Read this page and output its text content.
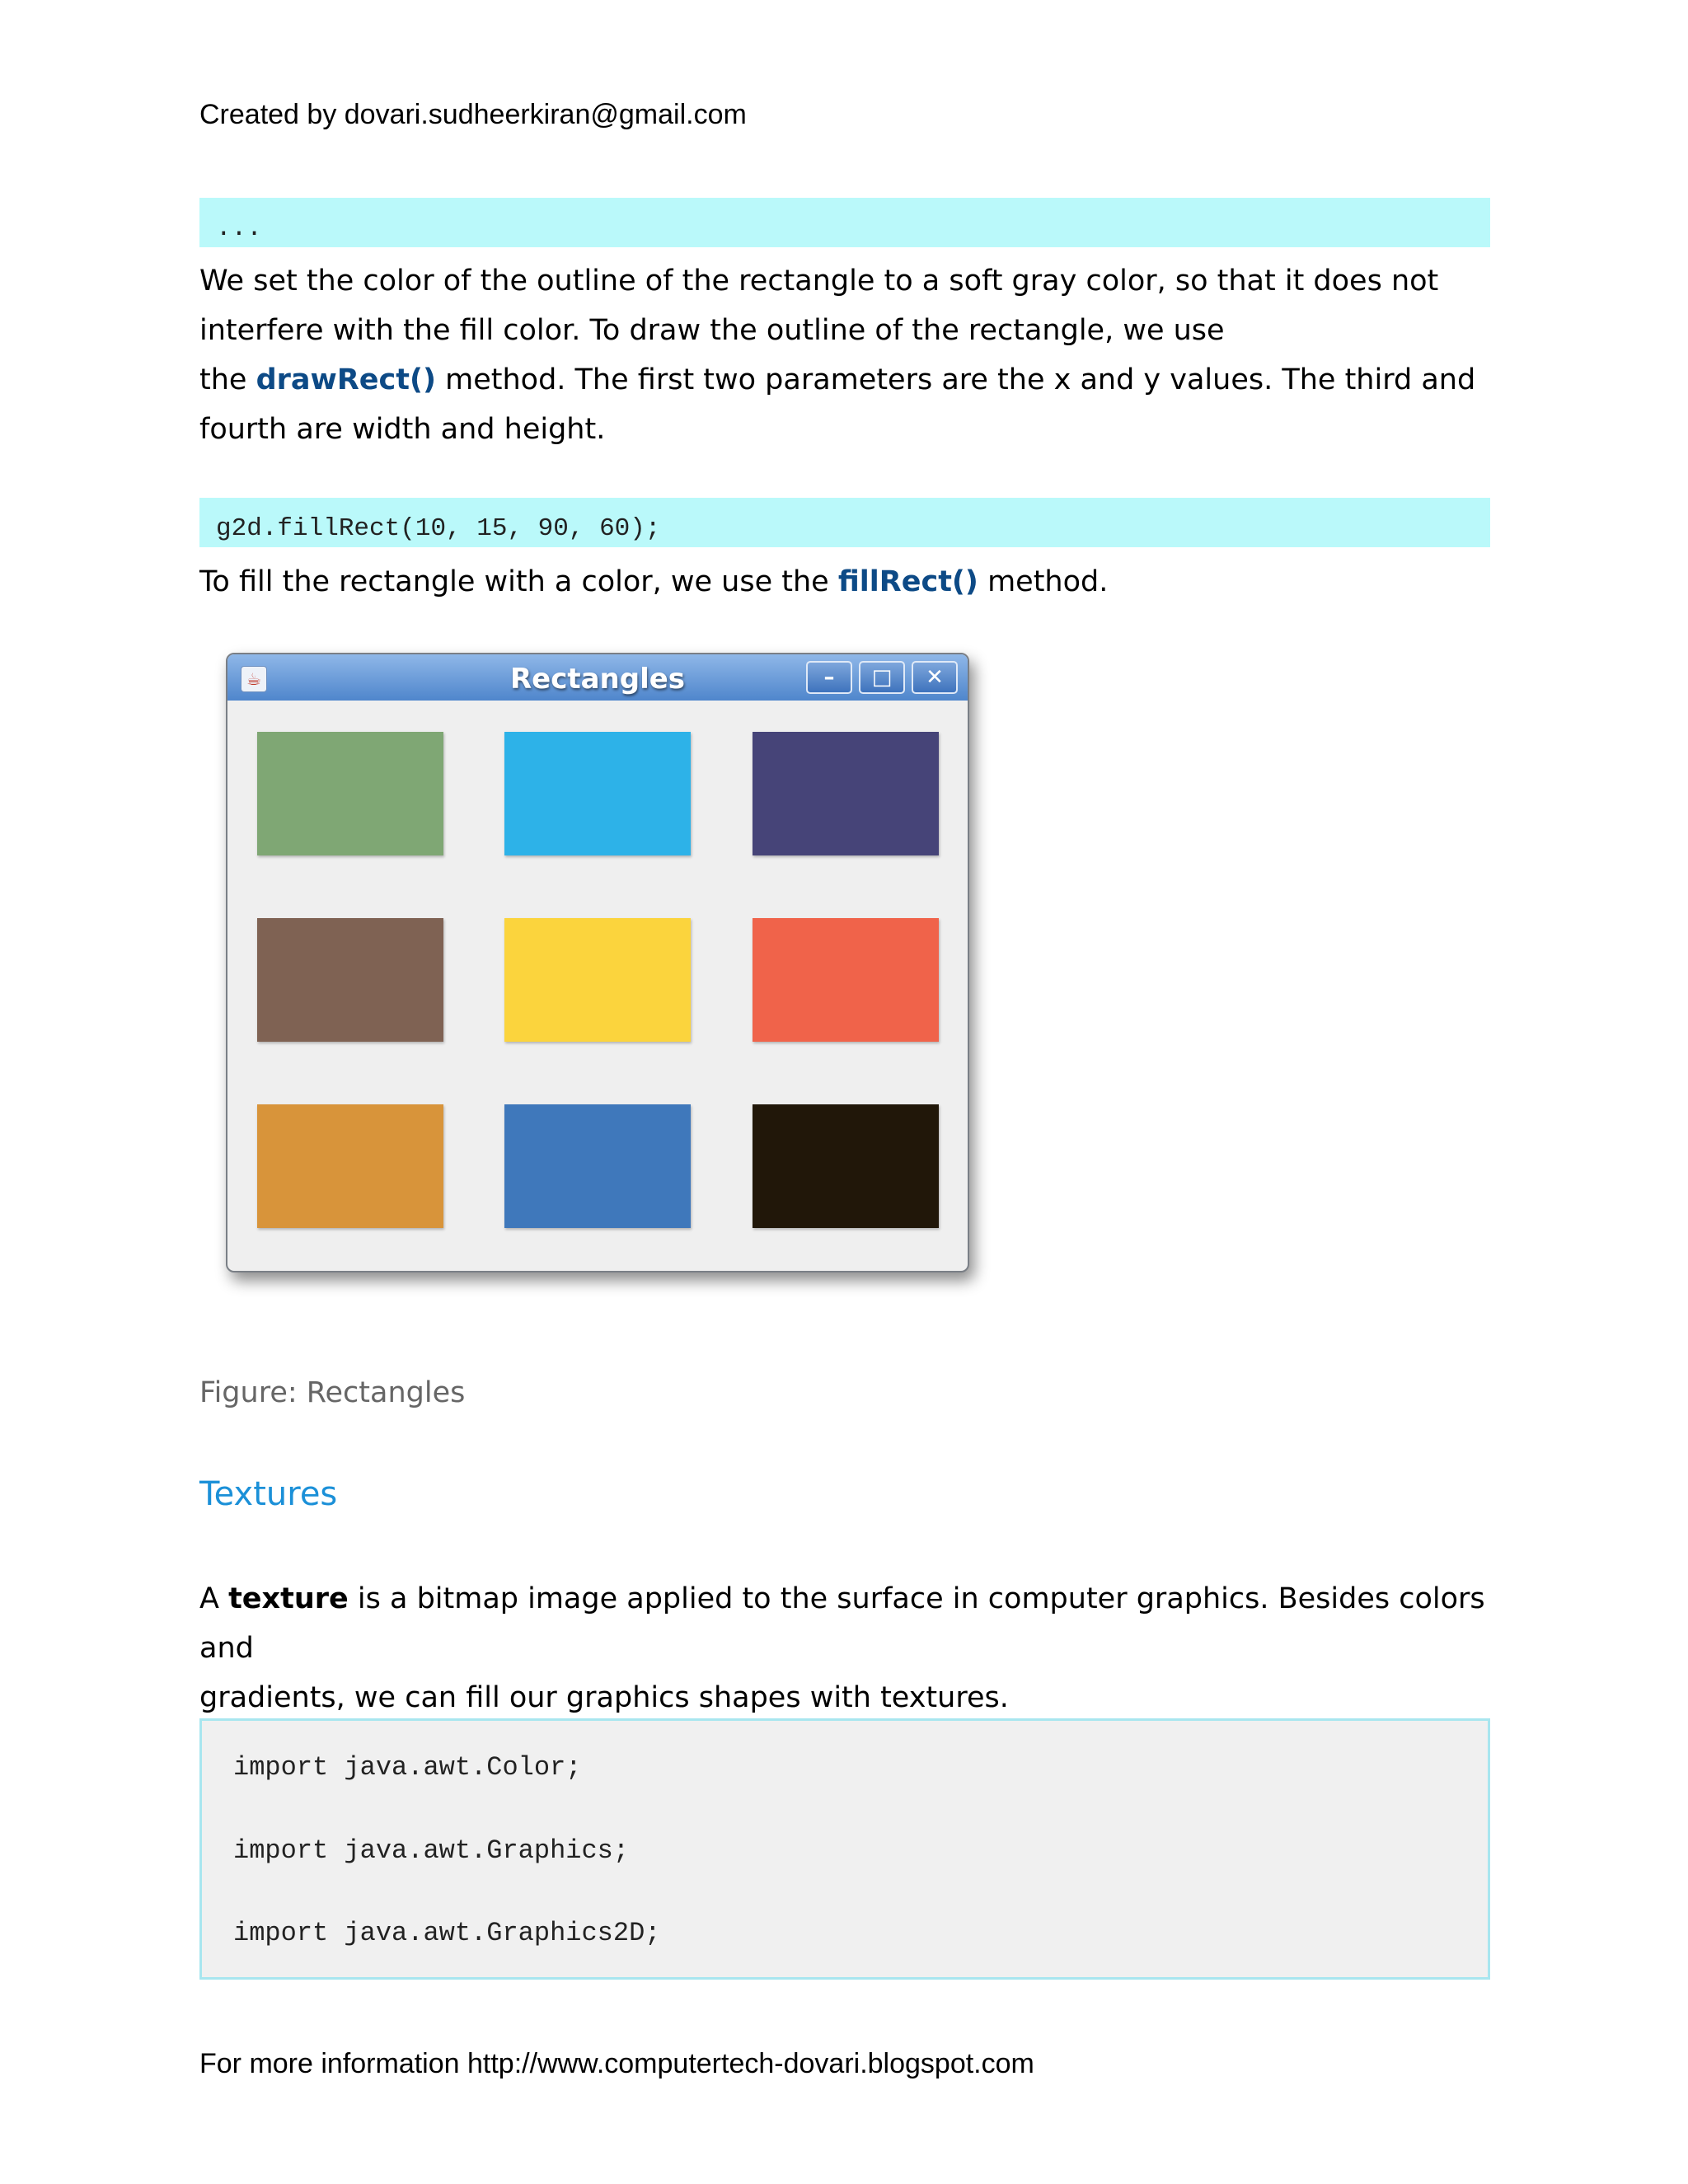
Created by dovari.sudheerkiran@gmail.com
...
We set the color of the outline of the rectangle to a soft gray color, so that it does not
interfere with the fill color. To draw the outline of the rectangle, we use
the drawRect() method. The first two parameters are the x and y values. The third and
fourth are width and height.
g2d.fillRect(10, 15, 90, 60);
To fill the rectangle with a color, we use the fillRect() method.
☕	Rectangles	–	□	✕
Figure: Rectangles
Textures
A texture is a bitmap image applied to the surface in computer graphics. Besides colors and
gradients, we can fill our graphics shapes with textures.
import java.awt.Color;
import java.awt.Graphics;
import java.awt.Graphics2D;
For more information http://www.computertech-dovari.blogspot.com
